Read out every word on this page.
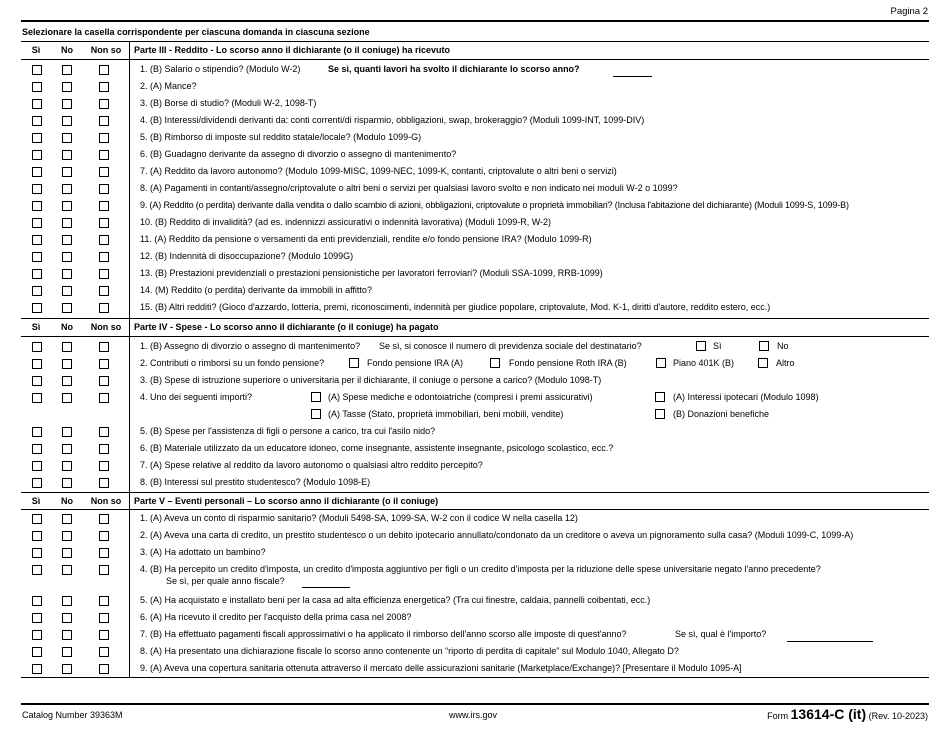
Pagina 2
Selezionare la casella corrispondente per ciascuna domanda in ciascuna sezione
Sì	No	Non so	Parte III - Reddito - Lo scorso anno il dichiarante (o il coniuge) ha ricevuto
1. (B) Salario o stipendio? (Modulo W-2)	Se sì, quanti lavori ha svolto il dichiarante lo scorso anno?
2. (A) Mance?
3. (B) Borse di studio? (Moduli W-2, 1098-T)
4. (B) Interessi/dividendi derivanti da: conti correnti/di risparmio, obbligazioni, swap, brokeraggio? (Moduli 1099-INT, 1099-DIV)
5. (B) Rimborso di imposte sul reddito statale/locale? (Modulo 1099-G)
6. (B) Guadagno derivante da assegno di divorzio o assegno di mantenimento?
7. (A) Reddito da lavoro autonomo? (Modulo 1099-MISC, 1099-NEC, 1099-K, contanti, criptovalute o altri beni o servizi)
8. (A) Pagamenti in contanti/assegno/criptovalute o altri beni o servizi per qualsiasi lavoro svolto e non indicato nei moduli W-2 o 1099?
9. (A) Reddito (o perdita) derivante dalla vendita o dallo scambio di azioni, obbligazioni, criptovalute o proprietà immobiliari? (Inclusa l'abitazione del dichiarante) (Moduli 1099-S, 1099-B)
10. (B) Reddito di invalidità? (ad es. indennizzi assicurativi o indennità lavorativa) (Moduli 1099-R, W-2)
11. (A) Reddito da pensione o versamenti da enti previdenziali, rendite e/o fondo pensione IRA? (Modulo 1099-R)
12. (B) Indennità di disoccupazione? (Modulo 1099G)
13. (B) Prestazioni previdenziali o prestazioni pensionistiche per lavoratori ferroviari? (Moduli SSA-1099, RRB-1099)
14. (M) Reddito (o perdita) derivante da immobili in affitto?
15. (B) Altri redditi? (Gioco d'azzardo, lotteria, premi, riconoscimenti, indennità per giudice popolare, criptovalute, Mod. K-1, diritti d'autore, reddito estero, ecc.)
Sì	No	Non so	Parte IV - Spese - Lo scorso anno il dichiarante (o il coniuge) ha pagato
1. (B) Assegno di divorzio o assegno di mantenimento? Se sì, si conosce il numero di previdenza sociale del destinatario?	Sì	No
2. Contributi o rimborsi su un fondo pensione?	Fondo pensione IRA (A)	Fondo pensione Roth IRA (B)	Piano 401K (B)	Altro
3. (B) Spese di istruzione superiore o universitaria per il dichiarante, il coniuge o persone a carico? (Modulo 1098-T)
4. Uno dei seguenti importi?	(A) Spese mediche e odontoiatriche (compresi i premi assicurativi)	(A) Interessi ipotecari (Modulo 1098)
(A) Tasse (Stato, proprietà immobiliari, beni mobili, vendite)	(B) Donazioni benefiche
5. (B) Spese per l'assistenza di figli o persone a carico, tra cui l'asilo nido?
6. (B) Materiale utilizzato da un educatore idoneo, come insegnante, assistente insegnante, psicologo scolastico, ecc.?
7. (A) Spese relative al reddito da lavoro autonomo o qualsiasi altro reddito percepito?
8. (B) Interessi sul prestito studentesco? (Modulo 1098-E)
Sì	No	Non so	Parte V – Eventi personali – Lo scorso anno il dichiarante (o il coniuge)
1. (A) Aveva un conto di risparmio sanitario? (Moduli 5498-SA, 1099-SA, W-2 con il codice W nella casella 12)
2. (A) Aveva una carta di credito, un prestito studentesco o un debito ipotecario annullato/condonato da un creditore o aveva un pignoramento sulla casa? (Moduli 1099-C, 1099-A)
3. (A) Ha adottato un bambino?
4. (B) Ha percepito un credito d'imposta, un credito d'imposta aggiuntivo per figli o un credito d'imposta per la riduzione delle spese universitarie negato l'anno precedente?
Se sì, per quale anno fiscale?
5. (A) Ha acquistato e installato beni per la casa ad alta efficienza energetica? (Tra cui finestre, caldaia, pannelli coibentati, ecc.)
6. (A) Ha ricevuto il credito per l'acquisto della prima casa nel 2008?
7. (B) Ha effettuato pagamenti fiscali approssimativi o ha applicato il rimborso dell'anno scorso alle imposte di quest'anno?	Se sì, qual è l'importo?
8. (A) Ha presentato una dichiarazione fiscale lo scorso anno contenente un “riporto di perdita di capitale” sul Modulo 1040, Allegato D?
9. (A) Aveva una copertura sanitaria ottenuta attraverso il mercato delle assicurazioni sanitarie (Marketplace/Exchange)? [Presentare il Modulo 1095-A]
Catalog Number 39363M	www.irs.gov	Form 13614-C (it) (Rev. 10-2023)
